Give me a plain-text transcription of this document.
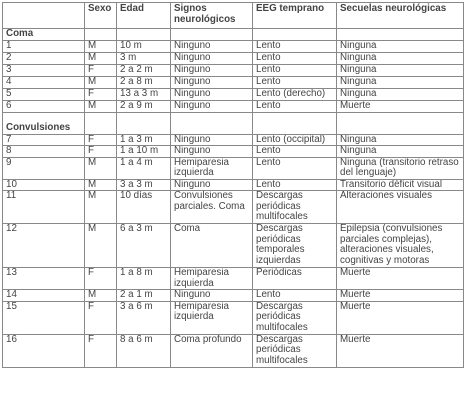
	Sexo	Edad	Signos neurológicos	EEG temprano	Secuelas neurológicas
Coma					
1	M	10 m	Ninguno	Lento	Ninguna
2	M	3 m	Ninguno	Lento	Ninguna
3	F	2 a 2 m	Ninguno	Lento	Ninguna
4	M	2 a 8 m	Ninguno	Lento	Ninguna
5	F	13 a 3 m	Ninguno	Lento (derecho)	Ninguna
6	M	2 a 9 m	Ninguno	Lento	Muerte
Convulsiones					
7	F	1 a 3 m	Ninguno	Lento (occipital)	Ninguna
8	F	1 a 10 m	Ninguno	Lento	Ninguna
9	M	1 a 4 m	Hemiparesia izquierda	Lento	Ninguna (transitorio retraso del lenguaje)
10	M	3 a 3 m	Ninguno	Lento	Transitorio déficit visual
11	M	10 días	Convulsiones parciales. Coma	Descargas periódicas multifocales	Alteraciones visuales
12	M	6 a 3 m	Coma	Descargas periódicas temporales izquierdas	Epilepsia (convulsiones parciales complejas), alteraciones visuales, cognitivas y motoras
13	F	1 a 8 m	Hemiparesia izquierda	Periódicas	Muerte
14	M	2 a 1 m	Ninguno	Lento	Muerte
15	F	3 a 6 m	Hemiparesia izquierda	Descargas periódicas multifocales	Muerte
16	F	8 a 6 m	Coma profundo	Descargas periódicas multifocales	Muerte
